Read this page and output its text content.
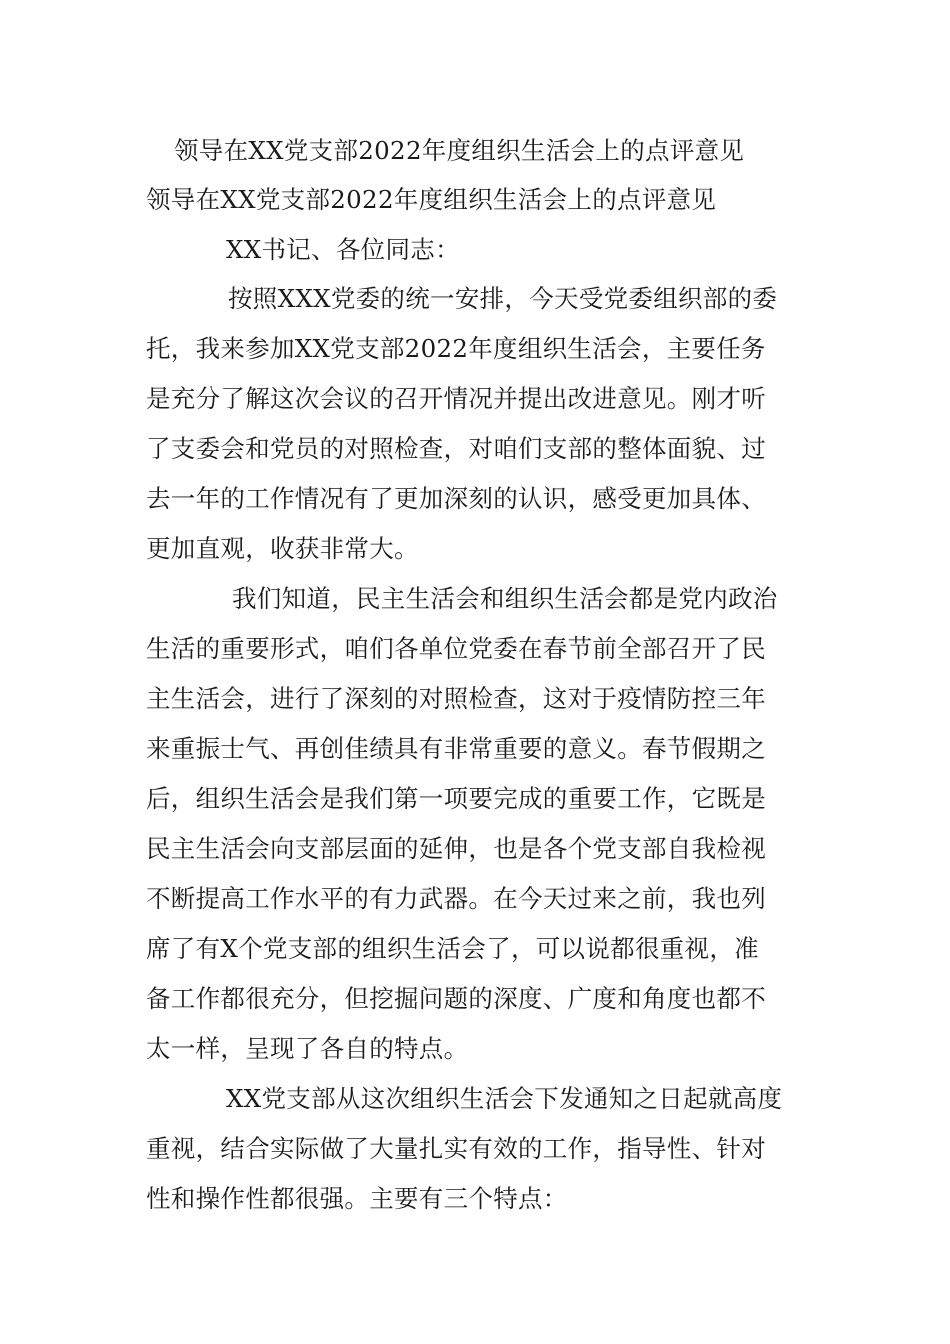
领导在XX党支部2022年度组织生活会上的点评意见
领导在XX党支部2022年度组织生活会上的点评意见
XX书记、各位同志：
按照XXX党委的统一安排，今天受党委组织部的委
托，我来参加XX党支部2022年度组织生活会，主要任务
是充分了解这次会议的召开情况并提出改进意见。刚才听
了支委会和党员的对照检查，对咱们支部的整体面貌、过
去一年的工作情况有了更加深刻的认识，感受更加具体、
更加直观，收获非常大。
我们知道，民主生活会和组织生活会都是党内政治
生活的重要形式，咱们各单位党委在春节前全部召开了民
主生活会，进行了深刻的对照检查，这对于疫情防控三年
来重振士气、再创佳绩具有非常重要的意义。春节假期之
后，组织生活会是我们第一项要完成的重要工作，它既是
民主生活会向支部层面的延伸，也是各个党支部自我检视
不断提高工作水平的有力武器。在今天过来之前，我也列
席了有X个党支部的组织生活会了，可以说都很重视，准
备工作都很充分，但挖掘问题的深度、广度和角度也都不
太一样，呈现了各自的特点。
XX党支部从这次组织生活会下发通知之日起就高度
重视，结合实际做了大量扎实有效的工作，指导性、针对
性和操作性都很强。主要有三个特点：
